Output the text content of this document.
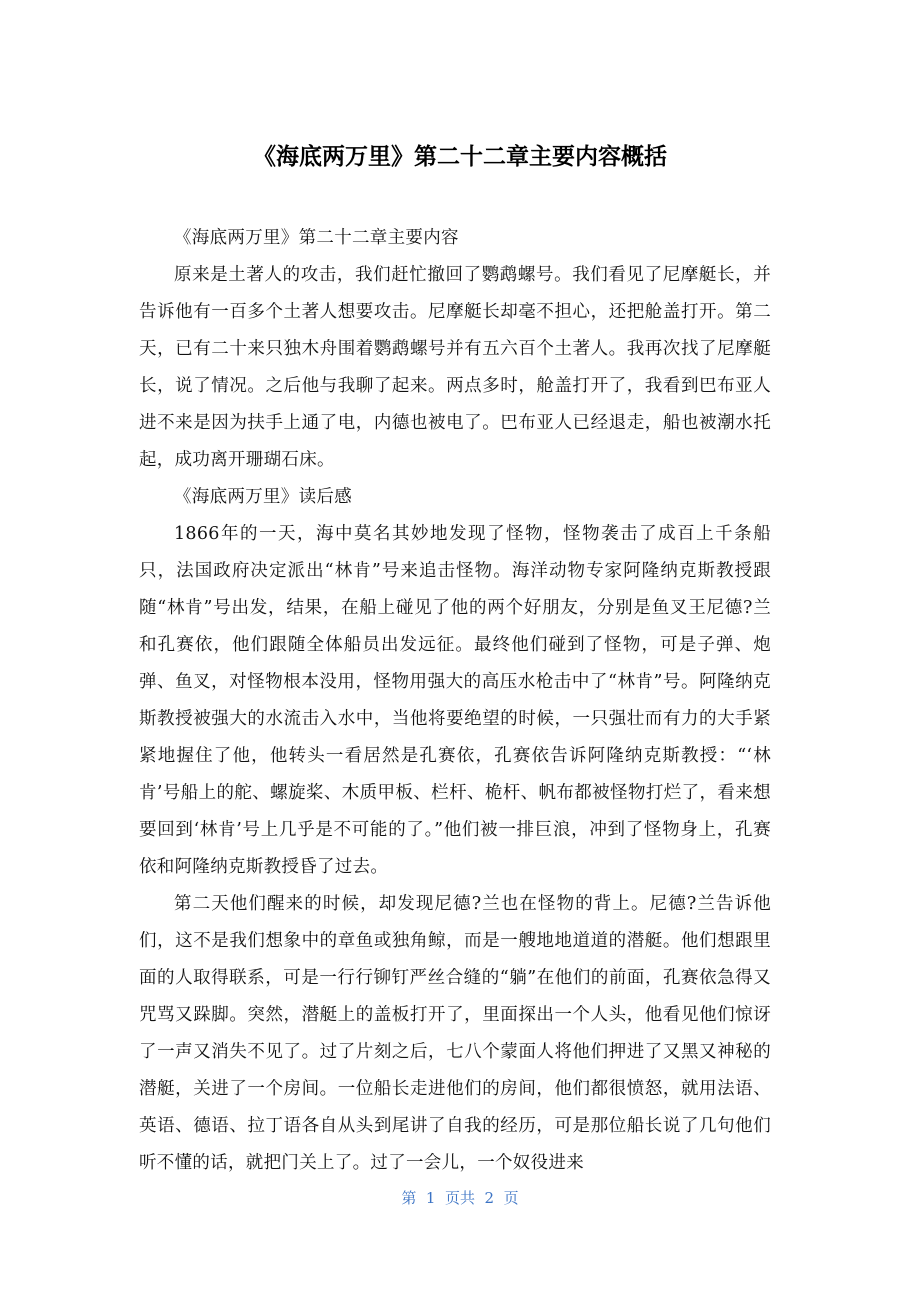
《海底两万里》第二十二章主要内容概括

《海底两万里》第二十二章主要内容

原来是土著人的攻击，我们赶忙撤回了鹦鹉螺号。我们看见了尼摩艇长，并告诉他有一百多个土著人想要攻击。尼摩艇长却毫不担心，还把舱盖打开。第二天，已有二十来只独木舟围着鹦鹉螺号并有五六百个土著人。我再次找了尼摩艇长，说了情况。之后他与我聊了起来。两点多时，舱盖打开了，我看到巴布亚人进不来是因为扶手上通了电，内德也被电了。巴布亚人已经退走，船也被潮水托起，成功离开珊瑚石床。

《海底两万里》读后感

1866年的一天，海中莫名其妙地发现了怪物，怪物袭击了成百上千条船只，法国政府决定派出“林肯”号来追击怪物。海洋动物专家阿隆纳克斯教授跟随“林肯”号出发，结果，在船上碰见了他的两个好朋友，分别是鱼叉王尼德?兰和孔赛依，他们跟随全体船员出发远征。最终他们碰到了怪物，可是子弹、炮弹、鱼叉，对怪物根本没用，怪物用强大的高压水枪击中了“林肯”号。阿隆纳克斯教授被强大的水流击入水中，当他将要绝望的时候，一只强壮而有力的大手紧紧地握住了他，他转头一看居然是孔赛依，孔赛依告诉阿隆纳克斯教授：“‘林肯’号船上的舵、螺旋桨、木质甲板、栏杆、桅杆、帆布都被怪物打烂了，看来想要回到‘林肯’号上几乎是不可能的了。”他们被一排巨浪，冲到了怪物身上，孔赛依和阿隆纳克斯教授昏了过去。

第二天他们醒来的时候，却发现尼德?兰也在怪物的背上。尼德?兰告诉他们，这不是我们想象中的章鱼或独角鲸，而是一艘地地道道的潜艇。他们想跟里面的人取得联系，可是一行行铆钉严丝合缝的“躺”在他们的前面，孔赛依急得又咒骂又跺脚。突然，潜艇上的盖板打开了，里面探出一个人头，他看见他们惊讶了一声又消失不见了。过了片刻之后，七八个蒙面人将他们押进了又黑又神秘的潜艇，关进了一个房间。一位船长走进他们的房间，他们都很愤怒，就用法语、英语、德语、拉丁语各自从头到尾讲了自我的经历，可是那位船长说了几句他们听不懂的话，就把门关上了。过了一会儿，一个奴役进来

第  1  页共  2  页
